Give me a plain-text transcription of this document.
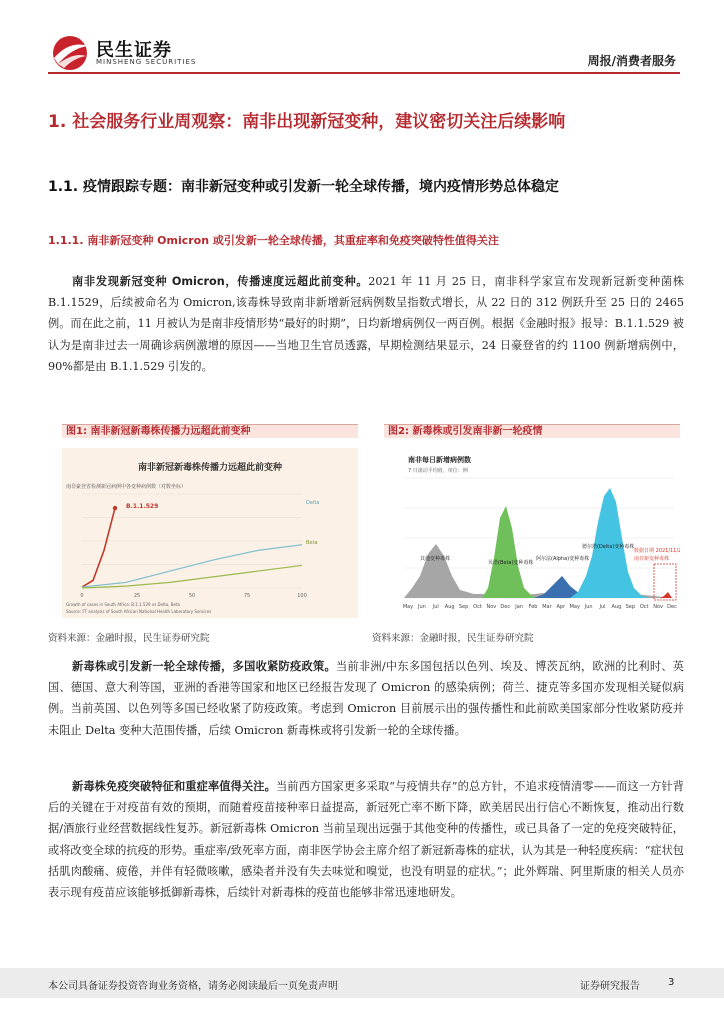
民生证券
MINSHENG SECURITIES	周报/消费者服务
1. 社会服务行业周观察：南非出现新冠变种，建议密切关注后续影响
1.1. 疫情跟踪专题：南非新冠变种或引发新一轮全球传播，境内疫情形势总体稳定
1.1.1. 南非新冠变种 Omicron 或引发新一轮全球传播，其重症率和免疫突破特性值得关注
南非发现新冠变种 Omicron，传播速度远超此前变种。2021 年 11 月 25 日，南非科学家宣布发现新冠新变种菌株 B.1.1529，后续被命名为 Omicron,该毒株导致南非新增新冠病例数呈指数式增长，从 22 日的 312 例跃升至 25 日的 2465 例。而在此之前，11 月被认为是南非疫情形势“最好的时期”，日均新增病例仅一两百例。根据《金融时报》报导：B.1.1.529 被认为是南非过去一周确诊病例激增的原因——当地卫生官员透露，早期检测结果显示，24 日豪登省的约 1100 例新增病例中，90%都是由 B.1.1.529 引发的。
图1: 南非新冠新毒株传播力远超此前变种	图2: 新毒株或引发南非新一轮疫情
南非新冠新毒株传播力远超此前变种
南非豪登省检测新冠病例中各变种病例数（对数坐标）
0	25	50	75	100
B.1.1.529	Delta
Beta
Growth of cases in South Africa: B.1.1.529 vs Delta, Beta
Source: FT analysis of South African National Health Laboratory Services
南非每日新增病例数
7 日滚动平均值，单位：例
其他变种毒株
贝塔(Beta)变种毒株
阿尔法(Alpha)变种毒株
德尔塔(Delta)变种毒株
南非新变种毒株
数据日期 2021/11/26
May Jun Jul Aug Sep Oct Nov Dec Jan Feb Mar Apr May Jun Jul Aug Sep Oct Nov Dec
资料来源：金融时报，民生证券研究院	资料来源：金融时报，民生证券研究院
新毒株或引发新一轮全球传播，多国收紧防疫政策。当前非洲/中东多国包括以色列、埃及、博茨瓦纳，欧洲的比利时、英国、德国、意大利等国，亚洲的香港等国家和地区已经报告发现了 Omicron 的感染病例；荷兰、捷克等多国亦发现相关疑似病例。当前英国、以色列等多国已经收紧了防疫政策。考虑到 Omicron 目前展示出的强传播性和此前欧美国家部分性收紧防疫并未阻止 Delta 变种大范围传播，后续 Omicron 新毒株或将引发新一轮的全球传播。
新毒株免疫突破特征和重症率值得关注。当前西方国家更多采取“与疫情共存”的总方针，不追求疫情清零——而这一方针背后的关键在于对疫苗有效的预期，而随着疫苗接种率日益提高，新冠死亡率不断下降，欧美居民出行信心不断恢复，推动出行数据/酒旅行业经营数据线性复苏。新冠新毒株 Omicron 当前呈现出远强于其他变种的传播性，或已具备了一定的免疫突破特征，或将改变全球的抗疫的形势。重症率/致死率方面，南非医学协会主席介绍了新冠新毒株的症状，认为其是一种轻度疾病：“症状包括肌肉酸痛、疲倦，并伴有轻微咳嗽，感染者并没有失去味觉和嗅觉，也没有明显的症状。”；此外辉瑞、阿里斯康的相关人员亦表示现有疫苗应该能够抵御新毒株，后续针对新毒株的疫苗也能够非常迅速地研发。
本公司具备证券投资咨询业务资格，请务必阅读最后一页免责声明	证券研究报告	3
